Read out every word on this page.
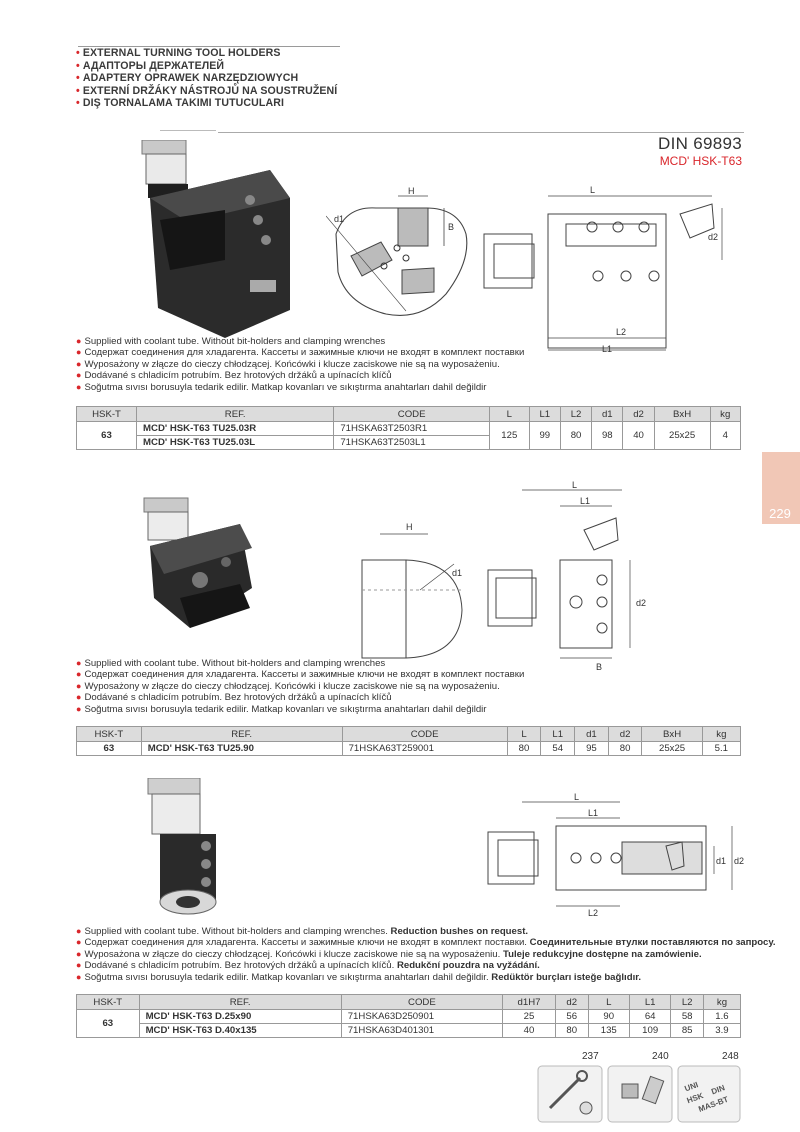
• EXTERNAL TURNING TOOL HOLDERS
• АДАПТОРЫ ДЕРЖАТЕЛЕЙ
• ADAPTERY OPRAWEK NARZĘDZIOWYCH
• EXTERNÍ DRŽÁKY NÁSTROJŮ NA SOUSTRUŽENÍ
• DIŞ TORNALAMA TAKIMI TUTUCULARI
DIN 69893
MCD' HSK-T63
229
H
B
d1
L
L2
L1
d2
● Supplied with coolant tube. Without bit-holders and clamping wrenches
● Содержат соединения для хладагента. Кассеты и зажимные ключи не входят в комплект поставки
● Wyposażony w złącze do cieczy chłodzącej. Końcówki i klucze zaciskowe nie są na wyposażeniu.
● Dodávané s chladicím potrubím. Bez hrotových držáků a upínacích klíčů
● Soğutma sıvısı borusuyla tedarik edilir. Matkap kovanları ve sıkıştırma anahtarları dahil değildir
HSK-T	REF.	CODE	L	L1	L2	d1	d2	BxH	kg
63	MCD' HSK-T63 TU25.03R	71HSKA63T2503R1	125	99	80	98	40	25x25	4
	MCD' HSK-T63 TU25.03L	71HSKA63T2503L1							
H
d1
L
L1
d2
B
● Supplied with coolant tube. Without bit-holders and clamping wrenches
● Содержат соединения для хладагента. Кассеты и зажимные ключи не входят в комплект поставки
● Wyposażony w złącze do cieczy chłodzącej. Końcówki i klucze zaciskowe nie są na wyposażeniu.
● Dodávané s chladicím potrubím. Bez hrotových držáků a upínacích klíčů
● Soğutma sıvısı borusuyla tedarik edilir. Matkap kovanları ve sıkıştırma anahtarları dahil değildir
HSK-T	REF.	CODE	L	L1	d1	d2	BxH	kg
63	MCD' HSK-T63 TU25.90	71HSKA63T259001	80	54	95	80	25x25	5.1
L
L1
L2
d1 d2
● Supplied with coolant tube. Without bit-holders and clamping wrenches. Reduction bushes on request.
● Содержат соединения для хладагента. Кассеты и зажимные ключи не входят в комплект поставки. Соединительные втулки поставляются по запросу.
● Wyposażona w złącze do cieczy chłodzącej. Końcówki i klucze zaciskowe nie są na wyposażeniu. Tuleje redukcyjne dostępne na zamówienie.
● Dodávané s chladicím potrubím. Bez hrotových držáků a upínacích klíčů. Redukční pouzdra na vyžádání.
● Soğutma sıvısı borusuyla tedarik edilir. Matkap kovanları ve sıkıştırma anahtarları dahil değildir. Redüktör burçları isteğe bağlıdır.
HSK-T	REF.	CODE	d1H7	d2	L	L1	L2	kg
63	MCD' HSK-T63 D.25x90	71HSKA63D250901	25	56	90	64	58	1.6
	MCD' HSK-T63 D.40x135	71HSKA63D401301	40	80	135	109	85	3.9
237	240	248
UNI
HSK
DIN
MAS-BT
